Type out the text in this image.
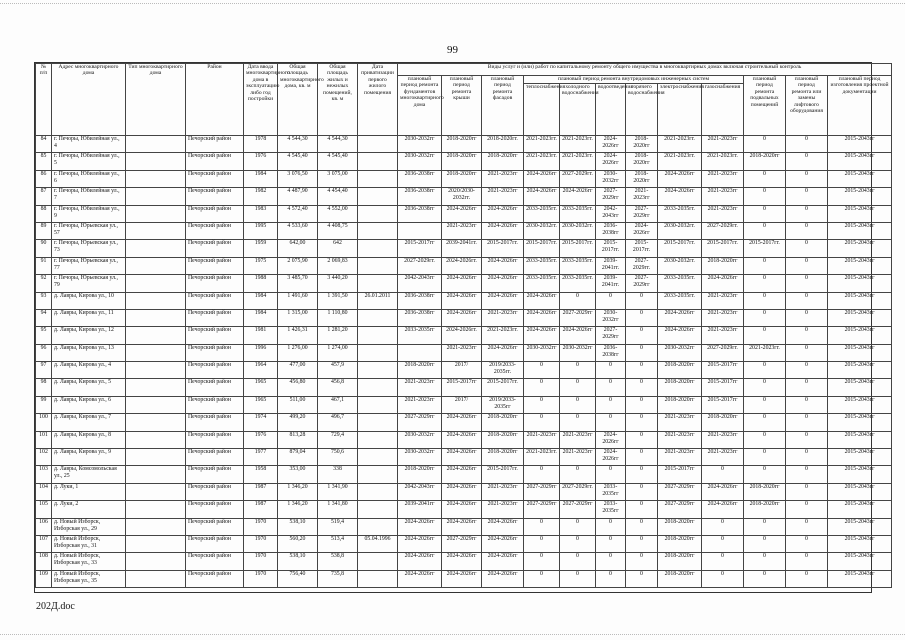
99
№ п/п	Адрес многоквартирного дома	Тип многоквартирного дома	Район	Дата ввода многоквартирного дома в эксплуатацию либо год постройки	Общая площадь многоквартирного дома, кв. м	Общая площадь жилых и нежилых помещений, кв. м	Дата приватизации первого жилого помещения	Виды услуг и (или) работ по капитальному ремонту общего имущества в многоквартирных домах включая строительный контроль											
								плановый период ремонта фундаментов многоквартирного дома	плановый период ремонта крыши	плановый период ремонта фасадов	плановый период ремонта внутридомовых инженерных систем						плановый период ремонта подвальных помещений	плановый период ремонта или замены лифтового оборудования	плановый период изготовления проектной документации
											теплоснабжения	холодного водоснабжения	водоотведения	горячего водоснабжения	электроснабжения	газоснабжения			
84	г. Печоры, Юбилейная ул., 4		Печорский район	1978	4 544,30	4 544,30		2030-2032гг	2018-2020гг	2018-2020гг.	2021-2023гг.	2021-2023гг.	2024-2026гг	2018-2020гг	2021-2023гг.	2021-2023гг	0	0	2015-2043гг
85	г. Печоры, Юбилейная ул., 5		Печорский район	1976	4 545,40	4 545,40		2030-2032гг	2018-2020гг	2018-2020гг	2021-2023гг.	2021-2023гг.	2024-2026гг	2018-2020гг	2021-2023гг.	2021-2023гг.	2018-2020гг	0	2015-2043гг
86	г. Печоры, Юбилейная ул., 6		Печорский район	1984	3 076,50	3 075,00		2036-2038гг	2018-2020гг	2021-2023гг	2024-2026гг	2027-2029гг.	2030-2032гг	2018-2020гг	2024-2026гг	2021-2023гг	0	0	2015-2043гг
87	г. Печоры, Юбилейная ул., 7		Печорский район	1982	4 487,90	4 454,40		2036-2038гг	2020/2030-2032гг.	2021-2023гг	2024-2026гг	2024-2026гг	2027-2029гг	2021-2023гг	2024-2026гг	2021-2023гг	0	0	2015-2043гг
88	г. Печоры, Юбилейная ул., 9		Печорский район	1983	4 572,40	4 552,00		2036-2038гг	2024-2026гг	2024-2026гг	2033-2035гг.	2033-2035гг.	2042-2043гг	2027-2029гг	2033-2035гг.	2021-2023гг	0	0	2015-2043гг
89	г. Печоры, Юрьевская ул., 57		Печорский район	1995	4 533,60	4 408,75			2021-2023гг	2024-2026гг	2030-2032гг.	2030-2032гг.	2036-2038гг	2024-2026гг	2030-2032гг.	2027-2029гг.	0	0	2015-2043гг
90	г. Печоры, Юрьевская ул., 73		Печорский район	1959	642,00	642		2015-2017гг	2039-2041гг.	2015-2017гг.	2015-2017гг.	2015-2017гг.	2015-2017гг.	2015-2017гг.	2015-2017гг.	2015-2017гг.	2015-2017гг.	0	2015-2043гг
91	г. Печоры, Юрьевская ул., 77		Печорский район	1975	2 075,90	2 069,83		2027-2029гг.	2024-2026гг.	2024-2026гг	2033-2035гг.	2033-2035гг.	2039-2041гг.	2027-2029гг.	2030-2032гг.	2018-2020гг	0	0	2015-2043гг
92	г. Печоры, Юрьевская ул., 79		Печорский район	1988	3 485,70	3 440,20		2042-2043гг	2024-2026гг	2024-2026гг	2033-2035гг.	2033-2035гг.	2039-2041гг.	2027-2029гг	2033-2035гг.	2024-2026гг	0	0	2015-2043гг
93	д. Лавры, Кирова ул., 10		Печорский район	1984	1 491,60	1 391,50	26.01.2011	2036-2038гг	2024-2026гг	2024-2026гг	2024-2026гг	0	0	0	2033-2035гг.	2021-2023гг	0	0	2015-2043гг
94	д. Лавры, Кирова ул., 11		Печорский район	1984	1 315,00	1 110,80		2036-2038гг	2024-2026гг	2021-2023гг	2024-2026гг	2027-2029гг	2030-2032гг	0	2024-2026гг	2021-2023гг	0	0	2015-2043гг
95	д. Лавры, Кирова ул., 12		Печорский район	1981	1 426,31	1 281,20		2033-2035гг	2024-2026гг.	2021-2023гг.	2024-2026гг	2024-2026гг	2027-2029гг	0	2024-2026гг	2021-2023гг	0	0	2015-2043гг
96	д. Лавры, Кирова ул., 13		Печорский район	1996	1 276,00	1 274,00			2021-2023гг	2024-2026гг	2030-2032гг	2030-2032гг	2036-2038гг	0	2030-2032гг	2027-2029гг.	2021-2023гг.	0	2015-2043гг
97	д. Лавры, Кирова ул., 4		Печорский район	1964	477,00	457,9		2018-2020гг	2017/	2019/2033-2035гг.	0	0	0	0	2018-2020гг	2015-2017гг	0	0	2015-2043гг
98	д. Лавры, Кирова ул., 5		Печорский район	1965	456,80	456,8		2021-2023гг	2015-2017гг	2015-2017гг.	0	0	0	0	2018-2020гг	2015-2017гг	0	0	2015-2043гг
99	д. Лавры, Кирова ул., 6		Печорский район	1965	511,00	467,1		2021-2023гг	2017/	2019/2033-2035гг	0	0	0	0	2018-2020гг	2015-2017гг	0	0	2015-2043гг
100	д. Лавры, Кирова ул., 7		Печорский район	1974	499,20	496,7		2027-2029гг	2024-2026гг	2018-2020гг	0	0	0	0	2021-2023гг	2018-2020гг	0	0	2015-2043гг
101	д. Лавры, Кирова ул., 8		Печорский район	1976	813,28	729,4		2030-2032гг	2024-2026гг	2018-2020гг	2021-2023гг	2021-2023гг	2024-2026гг	0	2021-2023гг	2021-2023гг	0	0	2015-2043гг
102	д. Лавры, Кирова ул., 9		Печорский район	1977	879,04	750,6		2030-2032гг	2024-2026гг	2018-2020гг	2021-2023гг.	2021-2023гг	2024-2026гг	0	2021-2023гг	2021-2023гг	0	0	2015-2043гг
103	д. Лавры, Комсомольская ул., 25		Печорский район	1958	353,00	338		2018-2020гг	2024-2026гг	2015-2017гг.	0	0	0	0	2015-2017гг	0	0	0	2015-2043гг
104	д. Луки, 1		Печорский район	1987	1 346,20	1 341,90		2042-2043гг	2024-2026гг	2021-2023гг	2027-2029гг	2027-2029гг.	2033-2035гг	0	2027-2029гг	2024-2026гг	2018-2020гг	0	2015-2043гг
105	д. Луки, 2		Печорский район	1987	1 346,20	1 341,80		2039-2041гг	2024-2026гг	2021-2023гг	2027-2029гг	2027-2029гг	2033-2035гг	0	2027-2029гг	2024-2026гг	2018-2020гг	0	2015-2043гг
106	д. Новый Изборск, Изборская ул., 29		Печорский район	1970	538,10	519,4		2024-2026гг	2024-2026гг	2024-2026гг	0	0	0	0	2018-2020гг	0	0	0	2015-2043гг
107	д. Новый Изборск, Изборская ул., 31		Печорский район	1970	560,20	513,4	05.04.1996	2024-2026гг	2027-2029гг	2024-2026гг	0	0	0	0	2018-2020гг	0	0	0	2015-2043гг
108	д. Новый Изборск, Изборская ул., 33		Печорский район	1970	538,10	538,8		2024-2026гг	2024-2026гг	2024-2026гг	0	0	0	0	2018-2020гг	0	0	0	2015-2043гг
109	д. Новый Изборск, Изборская ул., 35		Печорский район	1970	756,40	735,8		2024-2026гг	2024-2026гг	2024-2026гг	0	0	0	0	2018-2020гг	0	0	0	2015-2043гг
202Д.doc
